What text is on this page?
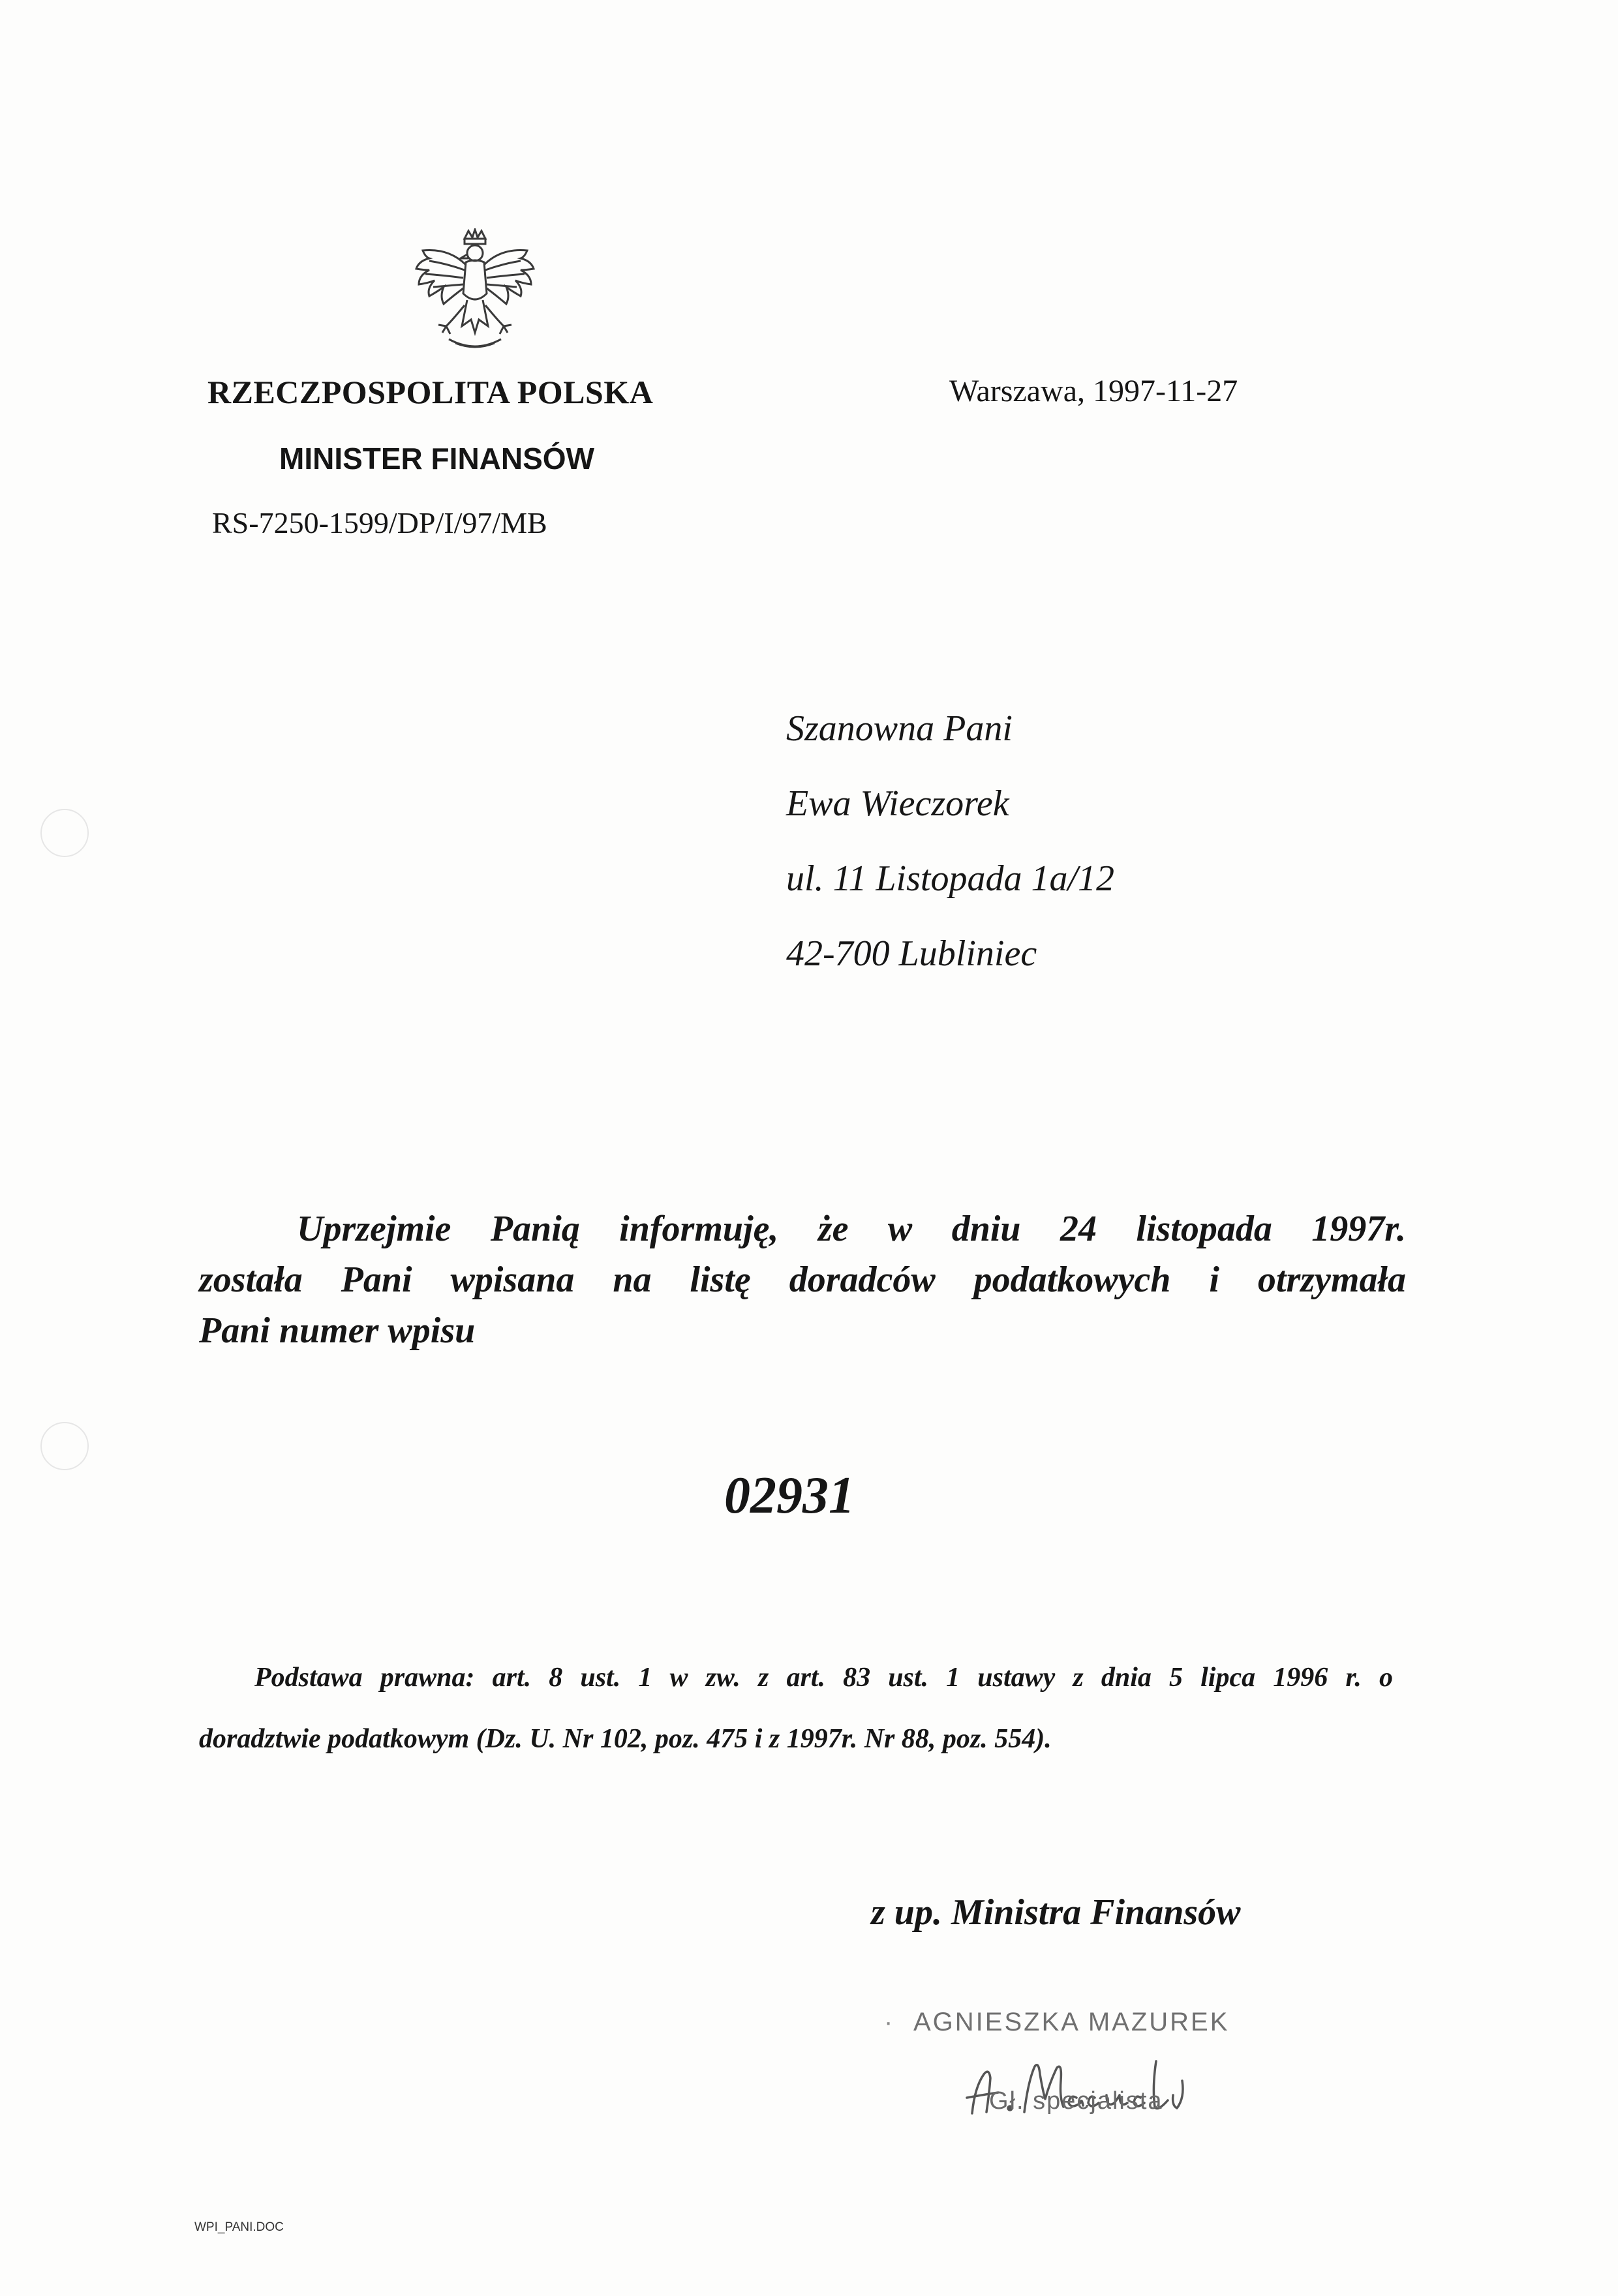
RZECZPOSPOLITA POLSKA
MINISTER FINANSÓW
RS-7250-1599/DP/I/97/MB
Warszawa, 1997-11-27
Szanowna Pani
Ewa Wieczorek
ul. 11 Listopada 1a/12
42-700 Lubliniec
Uprzejmie Panią informuję, że w dniu 24 listopada 1997r.
została Pani wpisana na listę doradców podatkowych i otrzymała
Pani numer wpisu
02931
Podstawa prawna: art. 8 ust. 1 w zw. z art. 83 ust. 1 ustawy z dnia 5 lipca 1996 r. o
doradztwie podatkowym (Dz. U. Nr 102, poz. 475 i z 1997r. Nr 88, poz. 554).
z up. Ministra Finansów
· AGNIESZKA MAZUREK
Gł. specjalista
WPI_PANI.DOC
